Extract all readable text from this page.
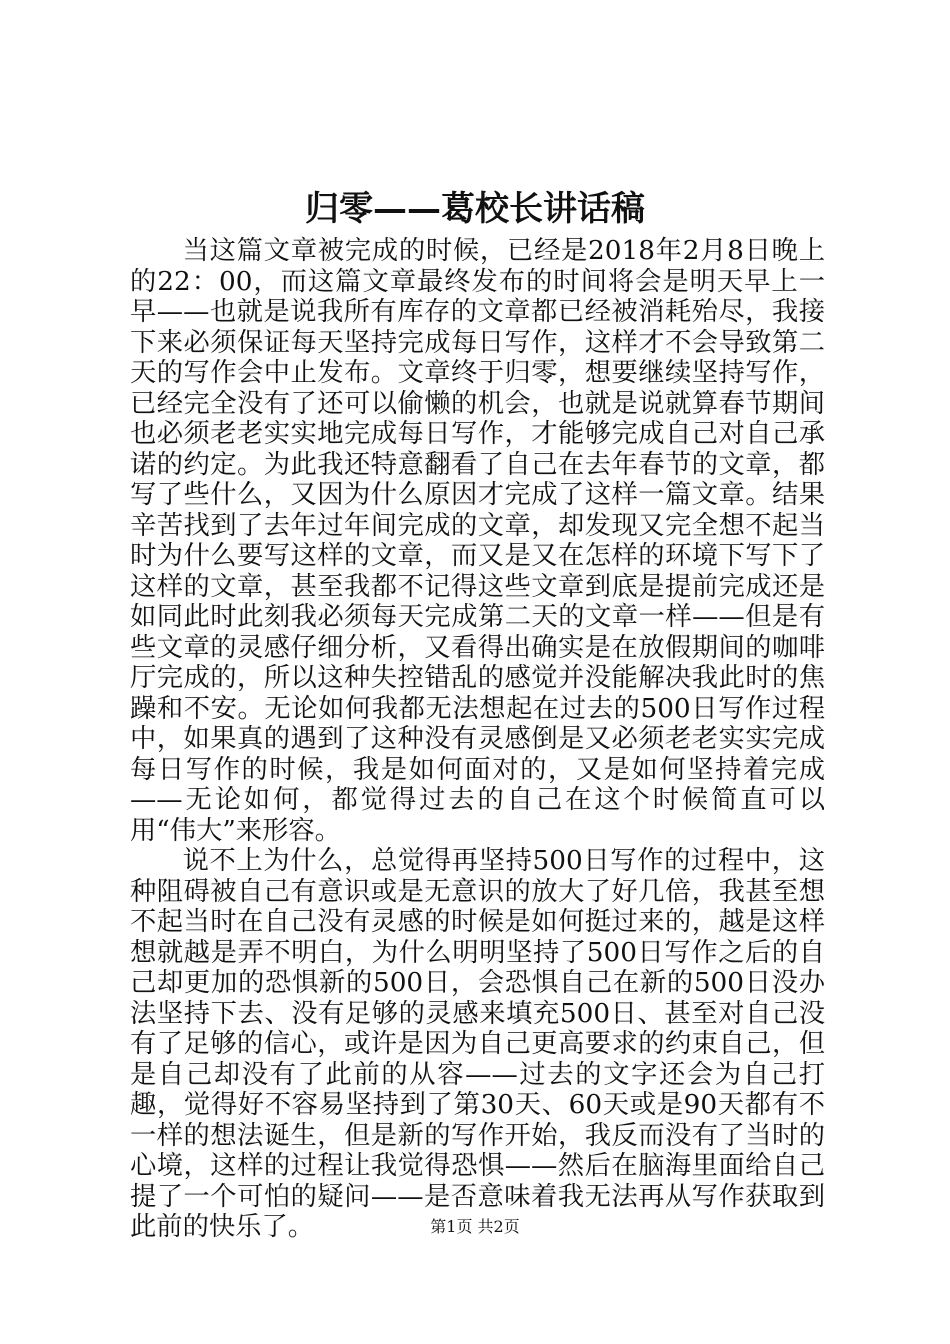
归零——葛校长讲话稿

当这篇文章被完成的时候，已经是2018年2月8日晚上的22：00，而这篇文章最终发布的时间将会是明天早上一早——也就是说我所有库存的文章都已经被消耗殆尽，我接下来必须保证每天坚持完成每日写作，这样才不会导致第二天的写作会中止发布。文章终于归零，想要继续坚持写作，已经完全没有了还可以偷懒的机会，也就是说就算春节期间也必须老老实实地完成每日写作，才能够完成自己对自己承诺的约定。为此我还特意翻看了自己在去年春节的文章，都写了些什么，又因为什么原因才完成了这样一篇文章。结果辛苦找到了去年过年间完成的文章，却发现又完全想不起当时为什么要写这样的文章，而又是又在怎样的环境下写下了这样的文章，甚至我都不记得这些文章到底是提前完成还是如同此时此刻我必须每天完成第二天的文章一样——但是有些文章的灵感仔细分析，又看得出确实是在放假期间的咖啡厅完成的，所以这种失控错乱的感觉并没能解决我此时的焦躁和不安。无论如何我都无法想起在过去的500日写作过程中，如果真的遇到了这种没有灵感倒是又必须老老实实完成每日写作的时候，我是如何面对的，又是如何坚持着完成——无论如何，都觉得过去的自己在这个时候简直可以用“伟大”来形容。

说不上为什么，总觉得再坚持500日写作的过程中，这种阻碍被自己有意识或是无意识的放大了好几倍，我甚至想不起当时在自己没有灵感的时候是如何挺过来的，越是这样想就越是弄不明白，为什么明明坚持了500日写作之后的自己却更加的恐惧新的500日，会恐惧自己在新的500日没办法坚持下去、没有足够的灵感来填充500日、甚至对自己没有了足够的信心，或许是因为自己更高要求的约束自己，但是自己却没有了此前的从容——过去的文字还会为自己打趣，觉得好不容易坚持到了第30天、60天或是90天都有不一样的想法诞生，但是新的写作开始，我反而没有了当时的心境，这样的过程让我觉得恐惧——然后在脑海里面给自己提了一个可怕的疑问——是否意味着我无法再从写作获取到此前的快乐了。	第1页 共2页
